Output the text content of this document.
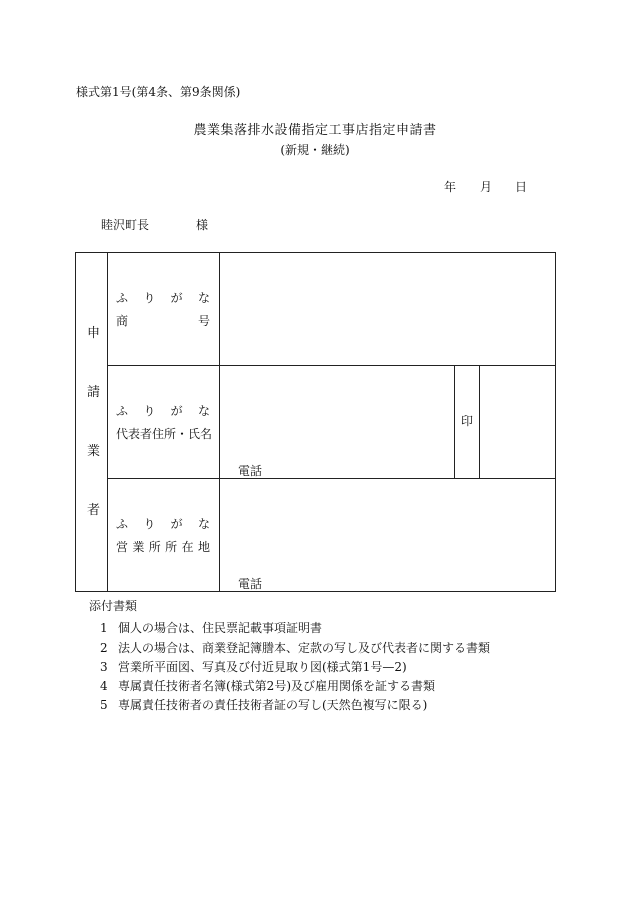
様式第1号(第4条、第9条関係)
農業集落排水設備指定工事店指定申請書
(新規・継続)
年 月 日
睦沢町長	様
申
請
業
者
ふ り が な
商	号
ふ り が な
代表者住所・氏名
印
電話
ふ り が な
営 業 所 所 在 地
電話
添付書類
1 個人の場合は、住民票記載事項証明書
2 法人の場合は、商業登記簿謄本、定款の写し及び代表者に関する書類
3 営業所平面図、写真及び付近見取り図(様式第1号—2)
4 専属責任技術者名簿(様式第2号)及び雇用関係を証する書類
5 専属責任技術者の責任技術者証の写し(天然色複写に限る)
